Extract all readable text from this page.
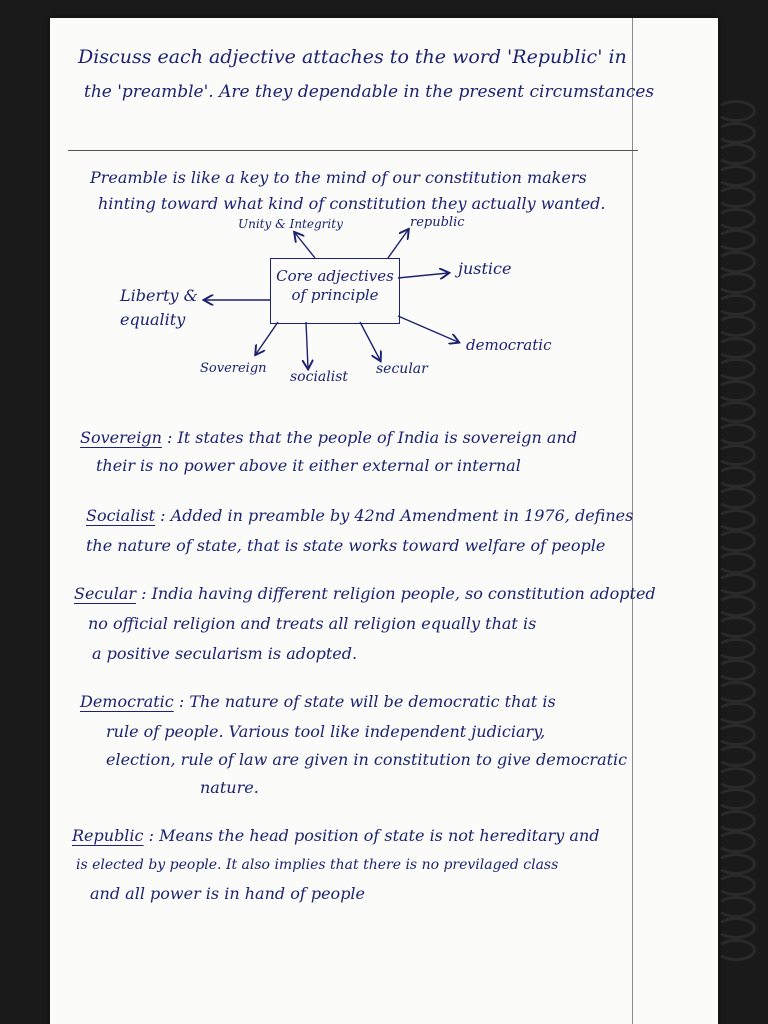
Discuss each adjective attaches to the word 'Republic' in
the 'preamble'. Are they dependable in the present circumstances
Preamble is like a key to the mind of our constitution makers
hinting toward what kind of constitution they actually wanted.
Core adjectives
of principle
Unity & Integrity	republic
justice
Liberty &
equality
democratic
Sovereign
socialist secular
Sovereign : It states that the people of India is sovereign and
their is no power above it either external or internal
Socialist : Added in preamble by 42nd Amendment in 1976, defines
the nature of state, that is state works toward welfare of people
Secular : India having different religion people, so constitution adopted
no official religion and treats all religion equally that is
a positive secularism is adopted.
Democratic : The nature of state will be democratic that is
rule of people. Various tool like independent judiciary,
election, rule of law are given in constitution to give democratic
nature.
Republic : Means the head position of state is not hereditary and
is elected by people. It also implies that there is no previlaged class
and all power is in hand of people
